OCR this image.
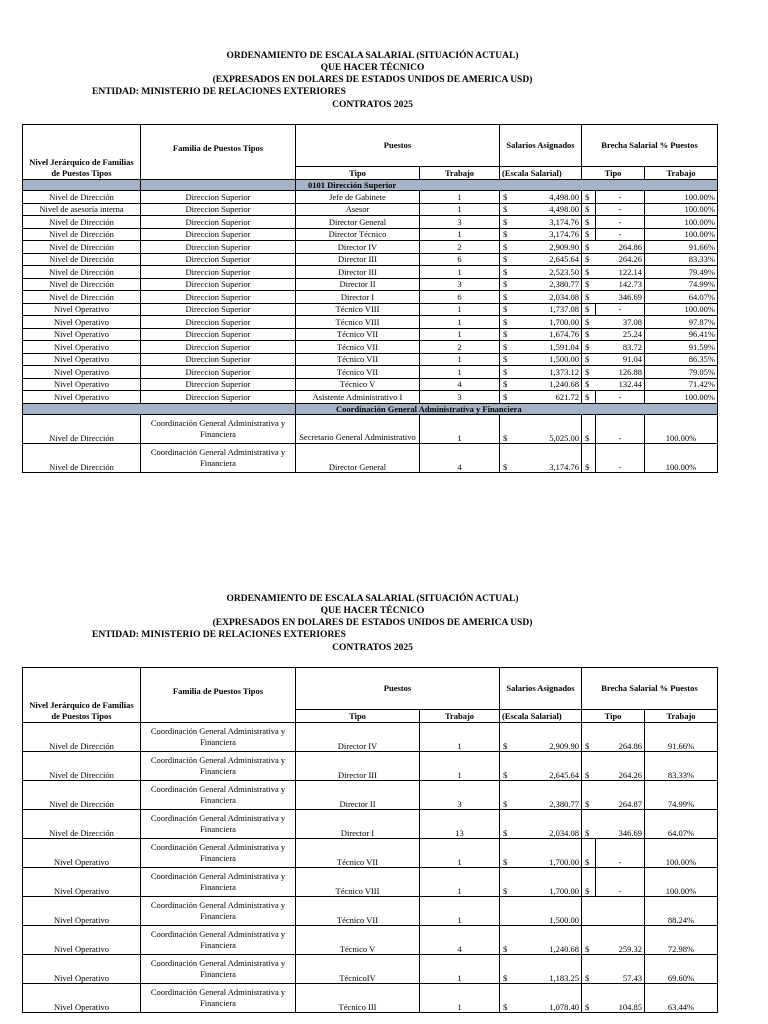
ORDENAMIENTO DE ESCALA SALARIAL (SITUACIÓN ACTUAL)
QUE HACER TÉCNICO
(EXPRESADOS EN DOLARES DE ESTADOS UNIDOS DE AMERICA USD)
ENTIDAD: MINISTERIO DE RELACIONES EXTERIORES
CONTRATOS 2025
Nivel Jerárquico de Familias de Puestos Tipos	Familia de Puestos Tipos	Puestos		Salarios Asignados		Brecha Salarial % Puestos		
		Tipo	Trabajo	(Escala Salarial)		Tipo		Trabajo
		0101 Dirección Superior						
Nivel de Dirección	Direccion Superior	Jefe de Gabinete	1	$	4,498.00	$	-	100.00%
Nivel de asesoría interna	Direccion Superior	Asesor	1	$	4,498.00	$	-	100.00%
Nivel de Dirección	Direccion Superior	Director General	3	$	3,174.76	$	-	100.00%
Nivel de Dirección	Direccion Superior	Director Técnico	1	$	3,174.76	$	-	100.00%
Nivel de Dirección	Direccion Superior	Director IV	2	$	2,909.90	$	264.86	91.66%
Nivel de Dirección	Direccion Superior	Director III	6	$	2,645.64	$	264.26	83.33%
Nivel de Dirección	Direccion Superior	Director III	1	$	2,523.50	$	122.14	79.49%
Nivel de Dirección	Direccion Superior	Director II	3	$	2,380.77	$	142.73	74.99%
Nivel de Dirección	Direccion Superior	Director I	6	$	2,034.08	$	346.69	64.07%
Nivel Operativo	Direccion Superior	Técnico VIII	1	$	1,737.08	$	-	100.00%
Nivel Operativo	Direccion Superior	Técnico VIII	1	$	1,700.00	$	37.08	97.87%
Nivel Operativo	Direccion Superior	Técnico VII	1	$	1,674.76	$	25.24	96.41%
Nivel Operativo	Direccion Superior	Técnico VII	2	$	1,591.04	$	83.72	91.59%
Nivel Operativo	Direccion Superior	Técnico VII	1	$	1,500.00	$	91.04	86.35%
Nivel Operativo	Direccion Superior	Técnico VII	1	$	1,373.12	$	126.88	79.05%
Nivel Operativo	Direccion Superior	Técnico V	4	$	1,240.68	$	132.44	71.42%
Nivel Operativo	Direccion Superior	Asistente Administrativo I	3	$	621.72	$	-	100.00%
		Coordinación General Administrativa y Financiera						
Nivel de Dirección	Coordinación General Administrativa y Financiera	Secretario General Administrativo	1	$	5,025.00	$	-	100.00%
Nivel de Dirección	Coordinación General Administrativa y Financiera	Director General	4	$	3,174.76	$	-	100.00%
ORDENAMIENTO DE ESCALA SALARIAL (SITUACIÓN ACTUAL)
QUE HACER TÉCNICO
(EXPRESADOS EN DOLARES DE ESTADOS UNIDOS DE AMERICA USD)
ENTIDAD: MINISTERIO DE RELACIONES EXTERIORES
CONTRATOS 2025
Nivel Jerárquico de Familias de Puestos Tipos	Familia de Puestos Tipos	Puestos		Salarios Asignados		Brecha Salarial % Puestos		
		Tipo	Trabajo	(Escala Salarial)		Tipo		Trabajo
Nivel de Dirección	Coordinación General Administrativa y Financiera	Director IV	1	$	2,909.90	$	264.86	91.66%
Nivel de Dirección	Coordinación General Administrativa y Financiera	Director III	1	$	2,645.64	$	264.26	83.33%
Nivel de Dirección	Coordinación General Administrativa y Financiera	Director II	3	$	2,380.77	$	264.87	74.99%
Nivel de Dirección	Coordinación General Administrativa y Financiera	Director I	13	$	2,034.08	$	346.69	64.07%
Nivel Operativo	Coordinación General Administrativa y Financiera	Técnico VII	1	$	1,700.00	$	-	100.00%
Nivel Operativo	Coordinación General Administrativa y Financiera	Técnico VIII	1	$	1,700.00	$	-	100.00%
Nivel Operativo	Coordinación General Administrativa y Financiera	Técnico VII	1		1,500.00			88.24%
Nivel Operativo	Coordinación General Administrativa y Financiera	Técnico V	4	$	1,240.68	$	259.32	72.98%
Nivel Operativo	Coordinación General Administrativa y Financiera	TécnicoIV	1	$	1,183.25	$	57.43	69.60%
Nivel Operativo	Coordinación General Administrativa y Financiera	Técnico III	1	$	1,078.40	$	104.85	63.44%
